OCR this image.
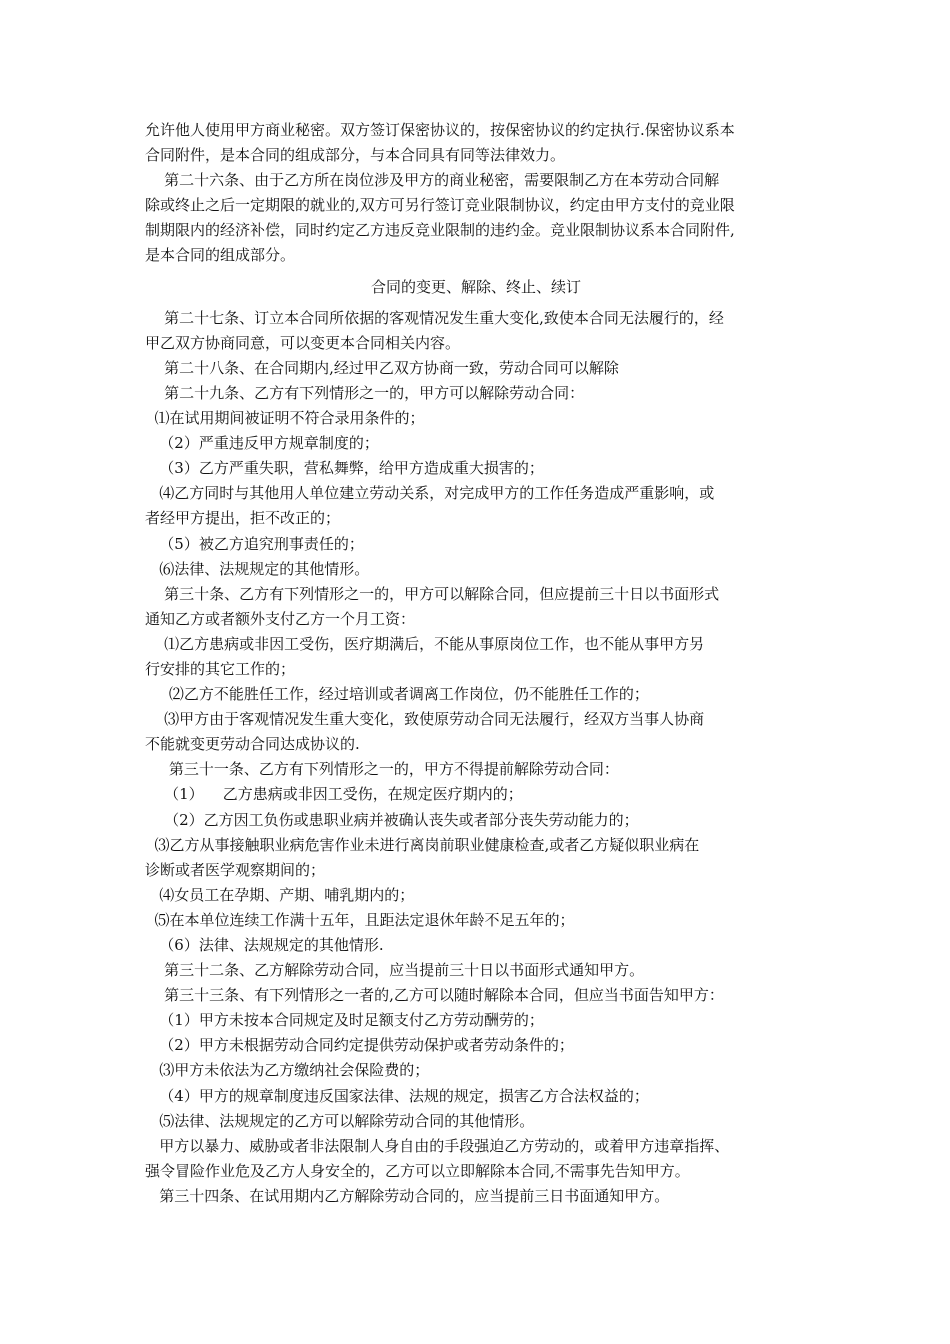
允许他人使用甲方商业秘密。双方签订保密协议的，按保密协议的约定执行.保密协议系本
合同附件，是本合同的组成部分，与本合同具有同等法律效力。
第二十六条、由于乙方所在岗位涉及甲方的商业秘密，需要限制乙方在本劳动合同解
除或终止之后一定期限的就业的,双方可另行签订竞业限制协议，约定由甲方支付的竞业限
制期限内的经济补偿，同时约定乙方违反竞业限制的违约金。竞业限制协议系本合同附件,
是本合同的组成部分。
合同的变更、解除、终止、续订
第二十七条、订立本合同所依据的客观情况发生重大变化,致使本合同无法履行的，经
甲乙双方协商同意，可以变更本合同相关内容。
第二十八条、在合同期内,经过甲乙双方协商一致，劳动合同可以解除
第二十九条、乙方有下列情形之一的，甲方可以解除劳动合同：
⑴在试用期间被证明不符合录用条件的；
（2）严重违反甲方规章制度的；
（3）乙方严重失职，营私舞弊，给甲方造成重大损害的；
⑷乙方同时与其他用人单位建立劳动关系，对完成甲方的工作任务造成严重影响，或
者经甲方提出，拒不改正的；
（5）被乙方追究刑事责任的；
⑹法律、法规规定的其他情形。
第三十条、乙方有下列情形之一的，甲方可以解除合同，但应提前三十日以书面形式
通知乙方或者额外支付乙方一个月工资：
⑴乙方患病或非因工受伤，医疗期满后，不能从事原岗位工作，也不能从事甲方另
行安排的其它工作的；
⑵乙方不能胜任工作，经过培训或者调离工作岗位，仍不能胜任工作的；
⑶甲方由于客观情况发生重大变化，致使原劳动合同无法履行，经双方当事人协商
不能就变更劳动合同达成协议的.
第三十一条、乙方有下列情形之一的，甲方不得提前解除劳动合同：
（1）    乙方患病或非因工受伤，在规定医疗期内的；
（2）乙方因工负伤或患职业病并被确认丧失或者部分丧失劳动能力的；
⑶乙方从事接触职业病危害作业未进行离岗前职业健康检查,或者乙方疑似职业病在
诊断或者医学观察期间的；
⑷女员工在孕期、产期、哺乳期内的；
⑸在本单位连续工作满十五年，且距法定退休年龄不足五年的；
（6）法律、法规规定的其他情形.
第三十二条、乙方解除劳动合同，应当提前三十日以书面形式通知甲方。
第三十三条、有下列情形之一者的,乙方可以随时解除本合同，但应当书面告知甲方：
（1）甲方未按本合同规定及时足额支付乙方劳动酬劳的；
（2）甲方未根据劳动合同约定提供劳动保护或者劳动条件的；
⑶甲方未依法为乙方缴纳社会保险费的；
（4）甲方的规章制度违反国家法律、法规的规定，损害乙方合法权益的；
⑸法律、法规规定的乙方可以解除劳动合同的其他情形。
甲方以暴力、威胁或者非法限制人身自由的手段强迫乙方劳动的，或着甲方违章指挥、
强令冒险作业危及乙方人身安全的，乙方可以立即解除本合同,不需事先告知甲方。
第三十四条、在试用期内乙方解除劳动合同的，应当提前三日书面通知甲方。
